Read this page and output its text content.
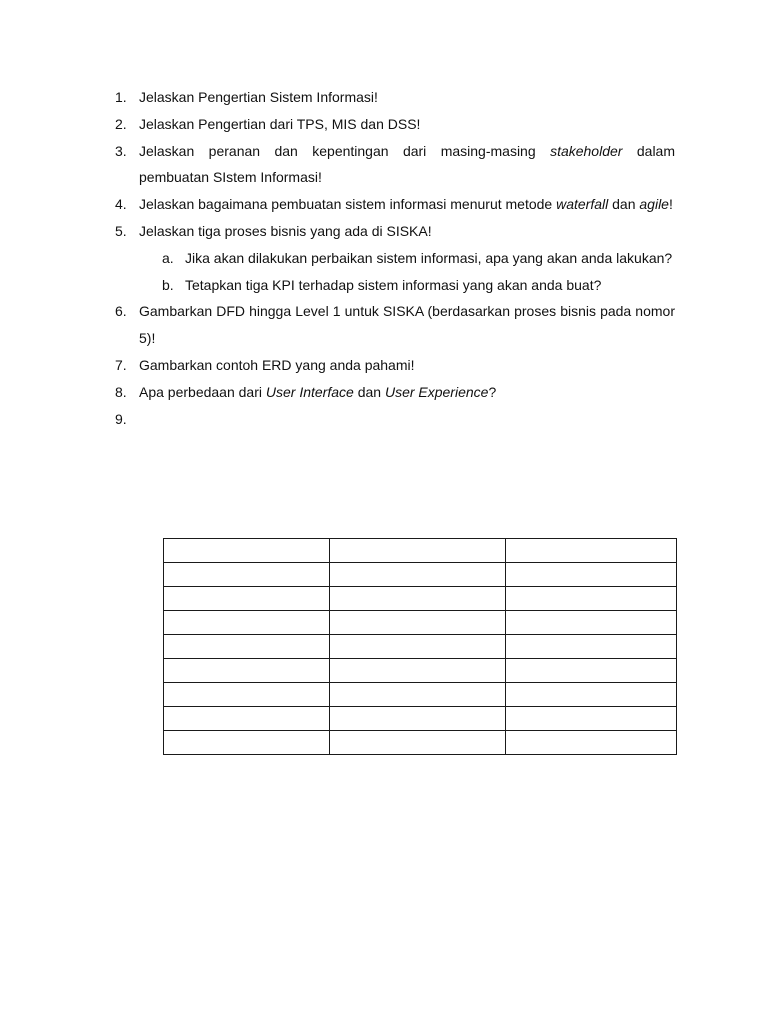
1. Jelaskan Pengertian Sistem Informasi!
2. Jelaskan Pengertian dari TPS, MIS dan DSS!
3. Jelaskan peranan dan kepentingan dari masing-masing stakeholder dalam pembuatan SIstem Informasi!
4. Jelaskan bagaimana pembuatan sistem informasi menurut metode waterfall dan agile!
5. Jelaskan tiga proses bisnis yang ada di SISKA!
a. Jika akan dilakukan perbaikan sistem informasi, apa yang akan anda lakukan?
b. Tetapkan tiga KPI terhadap sistem informasi yang akan anda buat?
6. Gambarkan DFD hingga Level 1 untuk SISKA (berdasarkan proses bisnis pada nomor 5)!
7. Gambarkan contoh ERD yang anda pahami!
8. Apa perbedaan dari User Interface dan User Experience?
9.
